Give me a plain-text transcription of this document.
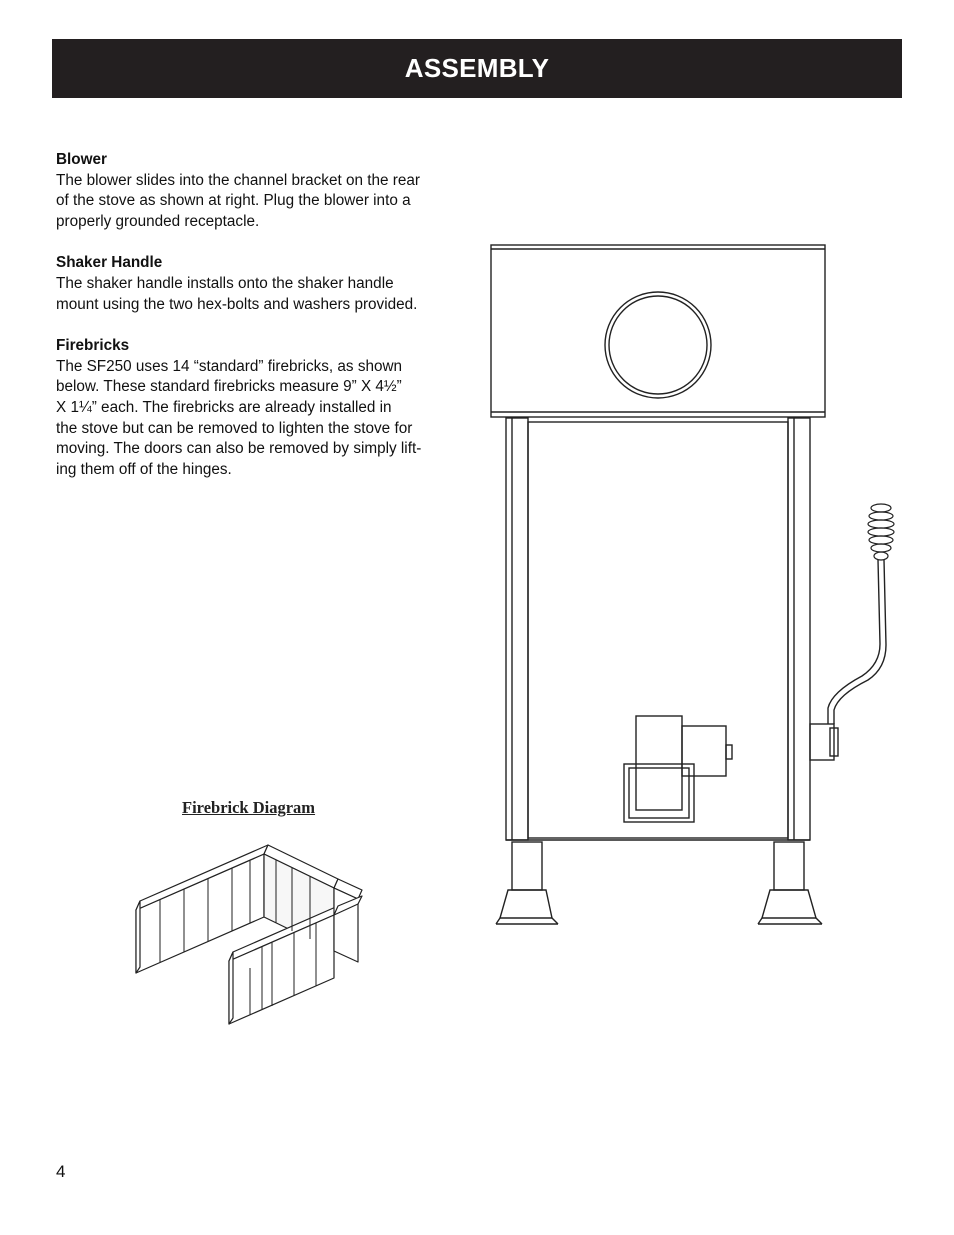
ASSEMBLY
Blower

The blower slides into the channel bracket on the rear
of the stove as shown at right. Plug the blower into a
properly grounded receptacle.

Shaker Handle

The shaker handle installs onto the shaker handle
mount using the two hex-bolts and washers provided.

Firebricks

The SF250 uses 14 “standard” firebricks, as shown
below. These standard firebricks measure 9” X 4½”
X 1¼” each. The firebricks are already installed in
the stove but can be removed to lighten the stove for
moving. The doors can also be removed by simply lift-
ing them off of the hinges.

Firebrick Diagram
4
